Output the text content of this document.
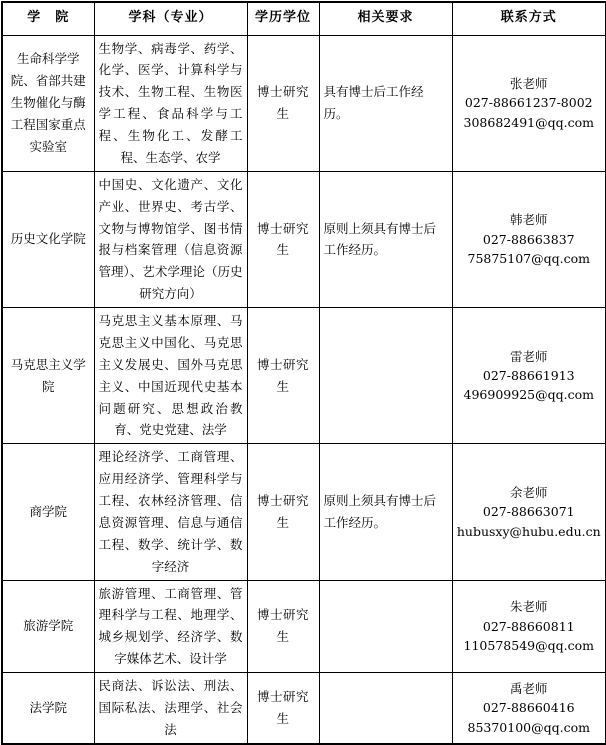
学　院	学科（专业）	学历学位	相关要求	联系方式
生命科学学院、省部共建生物催化与酶工程国家重点实验室	生物学、病毒学、药学、化学、医学、计算科学与技术、生物工程、生物医学工程、食品科学与工程、生物化工、发酵工程、生态学、农学	博士研究生	具有博士后工作经历。	张老师
027-88661237-8002
308682491@qq.com

历史文化学院	中国史、文化遗产、文化产业、世界史、考古学、文物与博物馆学、图书情报与档案管理（信息资源管理）、艺术学理论（历史研究方向）	博士研究生	原则上须具有博士后工作经历。	韩老师
027-88663837
75875107@qq.com

马克思主义学院	马克思主义基本原理、马克思主义中国化、马克思主义发展史、国外马克思主义、中国近现代史基本问题研究、思想政治教育、党史党建、法学	博士研究生		雷老师
027-88661913
496909925@qq.com

商学院	理论经济学、工商管理、应用经济学、管理科学与工程、农林经济管理、信息资源管理、信息与通信工程、数学、统计学、数字经济	博士研究生	原则上须具有博士后工作经历。	余老师
027-88663071
hubusxy@hubu.edu.cn

旅游学院	旅游管理、工商管理、管理科学与工程、地理学、城乡规划学、经济学、数字媒体艺术、设计学	博士研究生		朱老师
027-88660811
110578549@qq.com

法学院	民商法、诉讼法、刑法、国际私法、法理学、社会法	博士研究生		禹老师
027-88660416
85370100@qq.com
